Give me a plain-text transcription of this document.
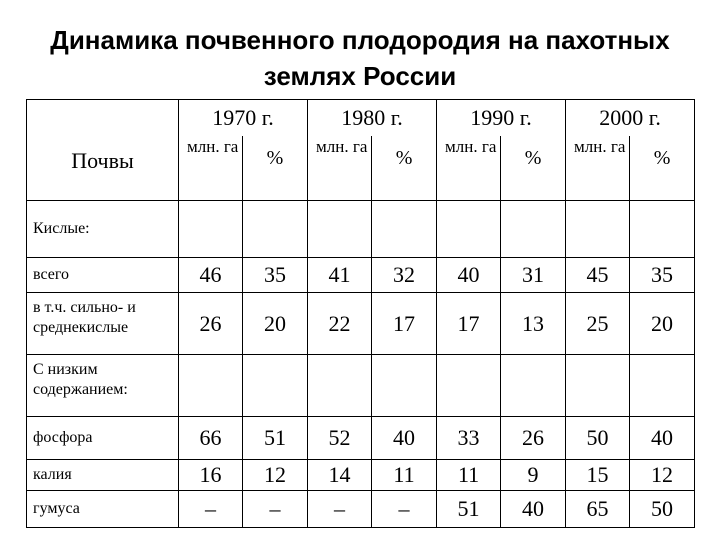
Динамика почвенного плодородия на пахотных
землях России
Почвы	1970 г.		1980 г.		1990 г.		2000 г.	
	млн. га	%	млн. га	%	млн. га	%	млн. га	%
Кислые:								
всего	46	35	41	32	40	31	45	35
в т.ч. сильно- и среднекислые	26	20	22	17	17	13	25	20
С низким содержанием:								
фосфора	66	51	52	40	33	26	50	40
калия	16	12	14	11	11	9	15	12
гумуса	–	–	–	–	51	40	65	50
